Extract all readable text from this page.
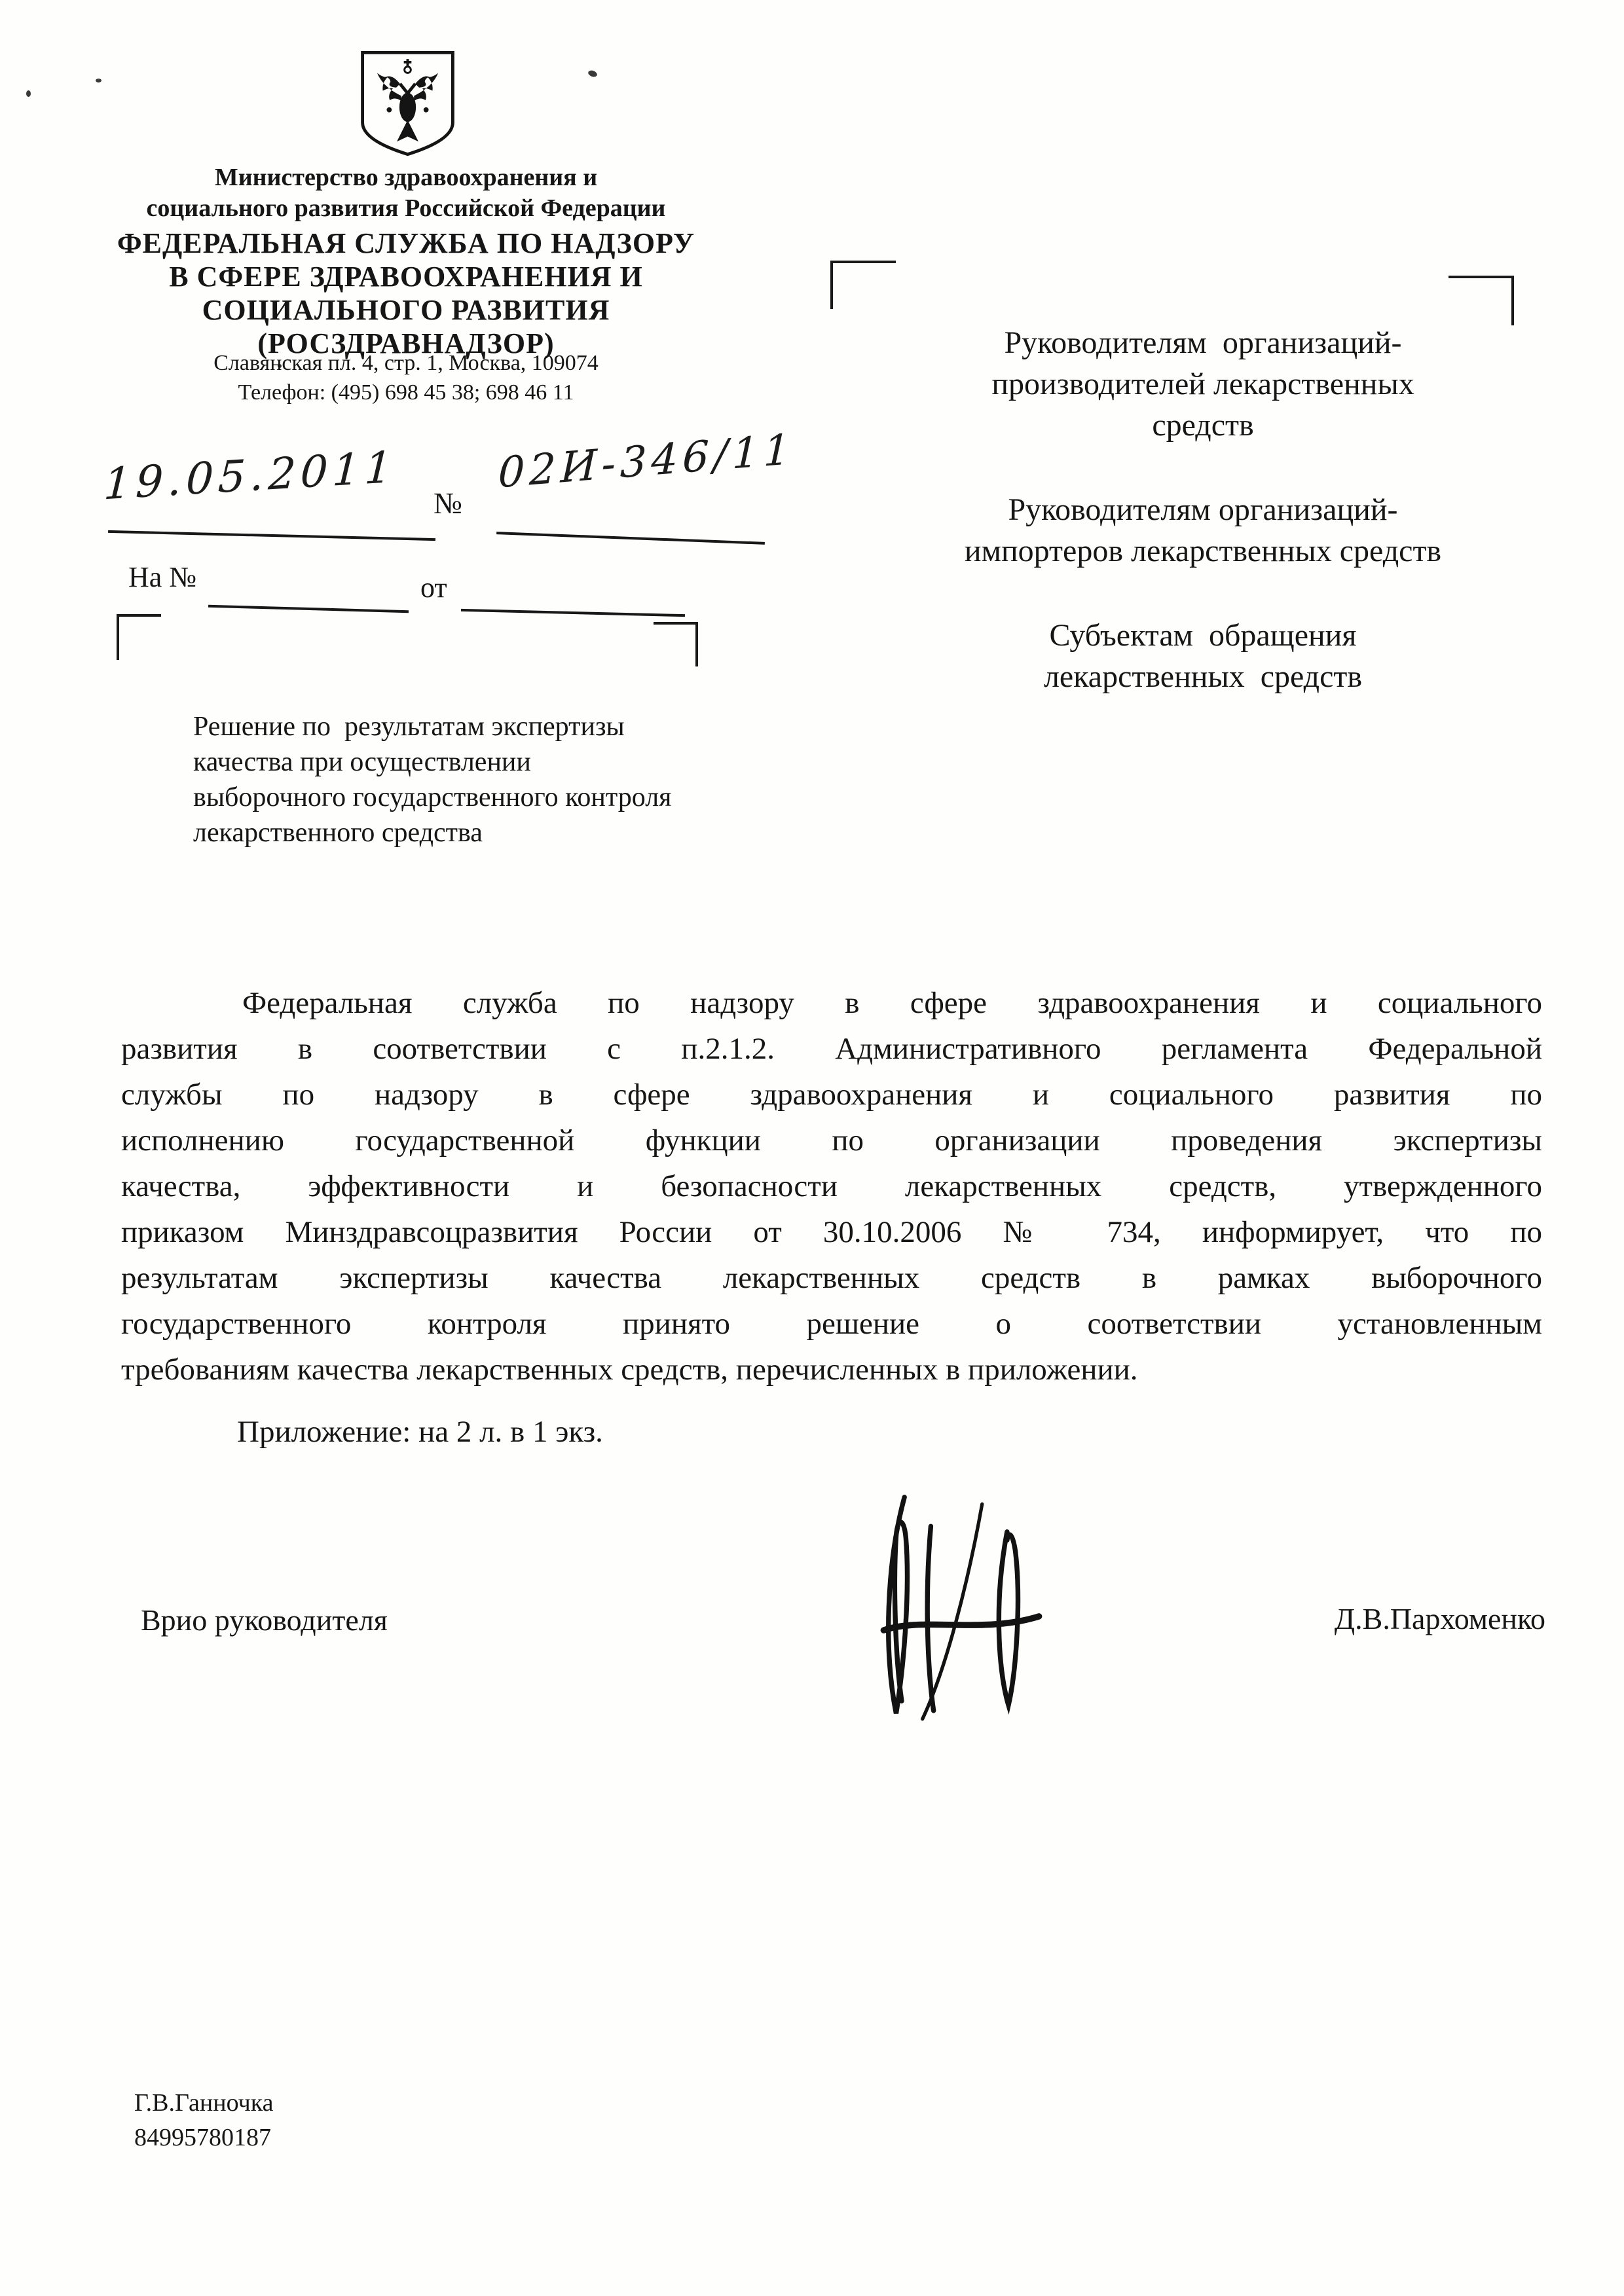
Министерство здравоохранения и
социального развития Российской Федерации
ФЕДЕРАЛЬНАЯ СЛУЖБА ПО НАДЗОРУ
В СФЕРЕ ЗДРАВООХРАНЕНИЯ И
СОЦИАЛЬНОГО РАЗВИТИЯ
(РОСЗДРАВНАДЗОР)
Славянская пл. 4, стр. 1, Москва, 109074
Телефон: (495) 698 45 38; 698 46 11
19.05.2011 №
02И-346/11
На №	от
Руководителям  организаций-
производителей лекарственных
средств
Руководителям организаций-
импортеров лекарственных средств
Субъектам  обращения
лекарственных  средств
Решение по  результатам экспертизы
качества при осуществлении
выборочного государственного контроля
лекарственного средства
Федеральная служба по надзору в сфере здравоохранения и социального
развития в соответствии с п.2.1.2. Административного регламента Федеральной
службы по надзору в сфере здравоохранения и социального развития по
исполнению государственной функции по организации проведения экспертизы
качества, эффективности и безопасности лекарственных средств, утвержденного
приказом Минздравсоцразвития России от 30.10.2006 № 734, информирует, что по
результатам экспертизы качества лекарственных средств в рамках выборочного
государственного контроля принято решение о соответствии установленным
требованиям качества лекарственных средств, перечисленных в приложении.
Приложение: на 2 л. в 1 экз.
Врио руководителя	Д.В.Пархоменко
Г.В.Ганночка
84995780187
